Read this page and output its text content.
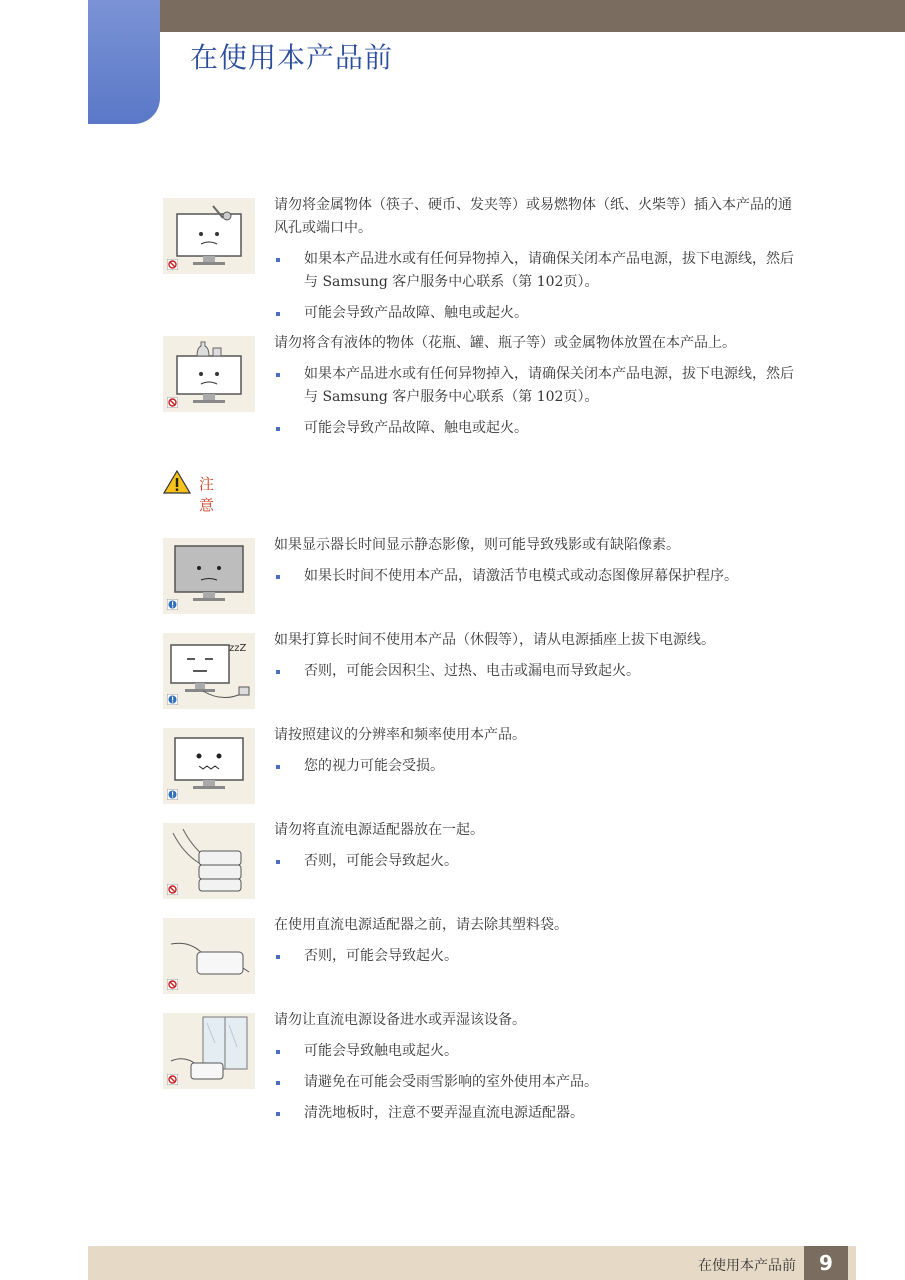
在使用本产品前

请勿将金属物体（筷子、硬币、发夹等）或易燃物体（纸、火柴等）插入本产品的通风孔或端口中。

如果本产品进水或有任何异物掉入，请确保关闭本产品电源，拔下电源线，然后与 Samsung 客户服务中心联系（第 102页）。

可能会导致产品故障、触电或起火。

请勿将含有液体的物体（花瓶、罐、瓶子等）或金属物体放置在本产品上。

如果本产品进水或有任何异物掉入，请确保关闭本产品电源，拔下电源线，然后与 Samsung 客户服务中心联系（第 102页）。

可能会导致产品故障、触电或起火。

注意

如果显示器长时间显示静态影像，则可能导致残影或有缺陷像素。

如果长时间不使用本产品，请激活节电模式或动态图像屏幕保护程序。

zzZ

如果打算长时间不使用本产品（休假等），请从电源插座上拔下电源线。

否则，可能会因积尘、过热、电击或漏电而导致起火。

请按照建议的分辨率和频率使用本产品。

您的视力可能会受损。

请勿将直流电源适配器放在一起。

否则，可能会导致起火。

在使用直流电源适配器之前，请去除其塑料袋。

否则，可能会导致起火。

请勿让直流电源设备进水或弄湿该设备。

可能会导致触电或起火。

请避免在可能会受雨雪影响的室外使用本产品。

清洗地板时，注意不要弄湿直流电源适配器。

在使用本产品前	9
